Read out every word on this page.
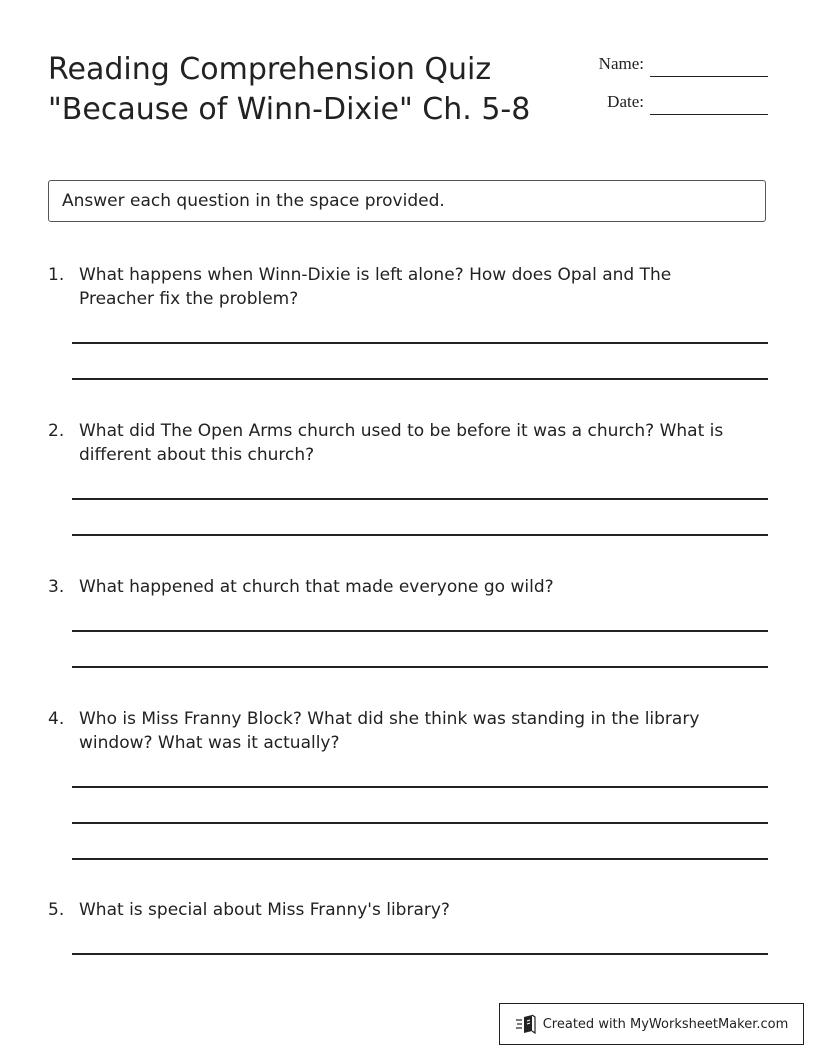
Reading Comprehension Quiz
"Because of Winn-Dixie" Ch. 5-8
Name:
Date:
Answer each question in the space provided.
1. What happens when Winn-Dixie is left alone? How does Opal and The
Preacher fix the problem?
2. What did The Open Arms church used to be before it was a church? What is
different about this church?
3. What happened at church that made everyone go wild?
4. Who is Miss Franny Block? What did she think was standing in the library
window? What was it actually?
5. What is special about Miss Franny's library?
Created with MyWorksheetMaker.com
